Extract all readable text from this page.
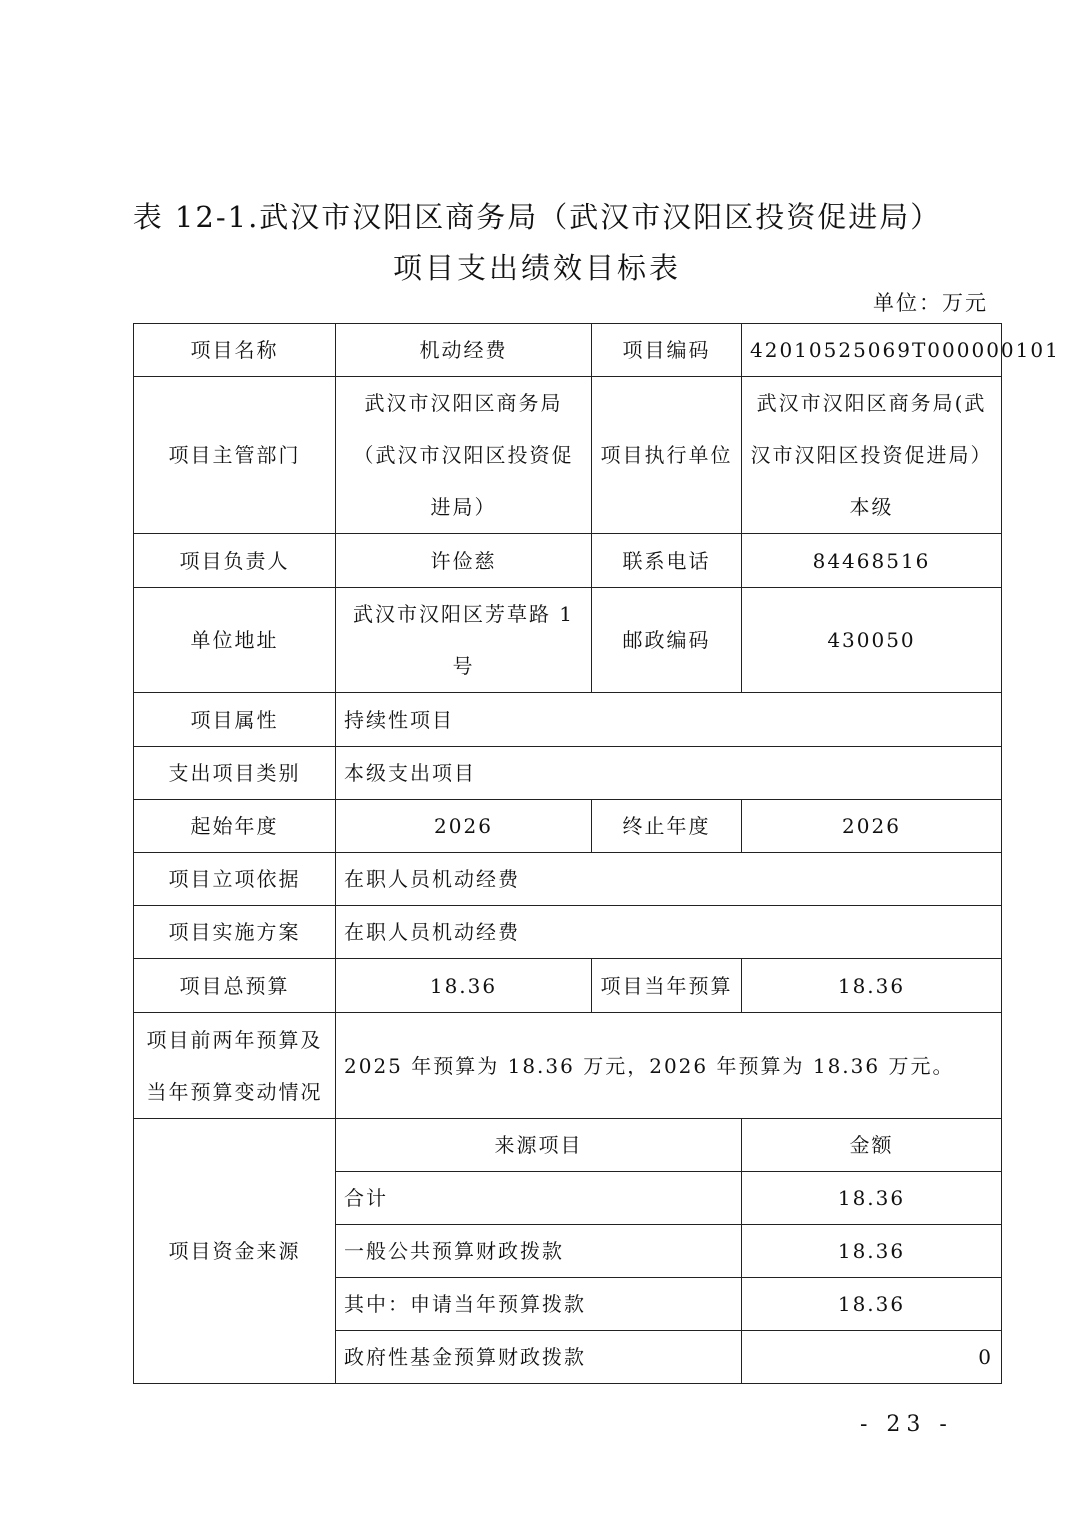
表 12-1.武汉市汉阳区商务局（武汉市汉阳区投资促进局）
项目支出绩效目标表
单位：万元
项目名称	机动经费	项目编码	42010525069T000000101
项目主管部门	武汉市汉阳区商务局（武汉市汉阳区投资促进局）	项目执行单位	武汉市汉阳区商务局(武汉市汉阳区投资促进局）本级
项目负责人	许俭慈	联系电话	84468516
单位地址	武汉市汉阳区芳草路 1 号	邮政编码	430050
项目属性	持续性项目		
支出项目类别	本级支出项目		
起始年度	2026	终止年度	2026
项目立项依据	在职人员机动经费		
项目实施方案	在职人员机动经费		
项目总预算	18.36	项目当年预算	18.36
项目前两年预算及当年预算变动情况	2025 年预算为 18.36 万元，2026 年预算为 18.36 万元。		
项目资金来源	来源项目		金额
	合计		18.36
	一般公共预算财政拨款		18.36
	其中：申请当年预算拨款		18.36
	政府性基金预算财政拨款		0
- 23 -
